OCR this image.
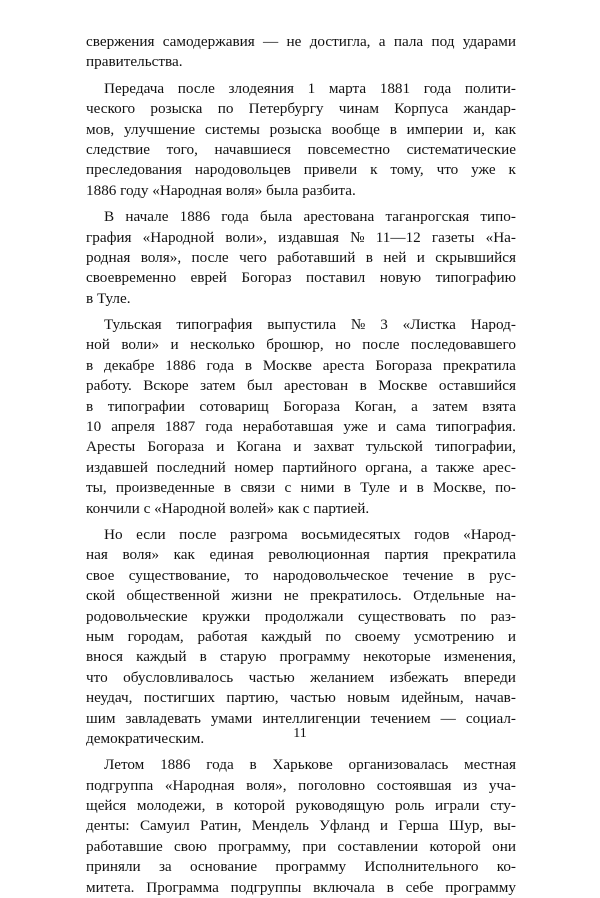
свержения самодержавия — не достигла, а пала под ударами
правительства.
Передача после злодеяния 1 марта 1881 года полити-
ческого розыска по Петербургу чинам Корпуса жандар-
мов, улучшение системы розыска вообще в империи и, как
следствие того, начавшиеся повсеместно систематические
преследования народовольцев привели к тому, что уже к
1886 году «Народная воля» была разбита.
В начале 1886 года была арестована таганрогская типо-
графия «Народной воли», издавшая № 11—12 газеты «На-
родная воля», после чего работавший в ней и скрывшийся
своевременно еврей Богораз поставил новую типографию
в Туле.
Тульская типография выпустила № 3 «Листка Народ-
ной воли» и несколько брошюр, но после последовавшего
в декабре 1886 года в Москве ареста Богораза прекратила
работу. Вскоре затем был арестован в Москве оставшийся
в типографии сотоварищ Богораза Коган, а затем взята
10 апреля 1887 года неработавшая уже и сама типография.
Аресты Богораза и Когана и захват тульской типографии,
издавшей последний номер партийного органа, а также арес-
ты, произведенные в связи с ними в Туле и в Москве, по-
кончили с «Народной волей» как с партией.
Но если после разгрома восьмидесятых годов «Народ-
ная воля» как единая революционная партия прекратила
свое существование, то народовольческое течение в рус-
ской общественной жизни не прекратилось. Отдельные на-
родовольческие кружки продолжали существовать по раз-
ным городам, работая каждый по своему усмотрению и
внося каждый в старую программу некоторые изменения,
что обусловливалось частью желанием избежать впереди
неудач, постигших партию, частью новым идейным, начав-
шим завладевать умами интеллигенции течением — социал-
демократическим.
Летом 1886 года в Харькове организовалась местная
подгруппа «Народная воля», поголовно состоявшая из уча-
щейся молодежи, в которой руководящую роль играли сту-
денты: Самуил Ратин, Мендель Уфланд и Герша Шур, вы-
работавшие свою программу, при составлении которой они
приняли за основание программу Исполнительного ко-
митета. Программа подгруппы включала в себе программу
11
